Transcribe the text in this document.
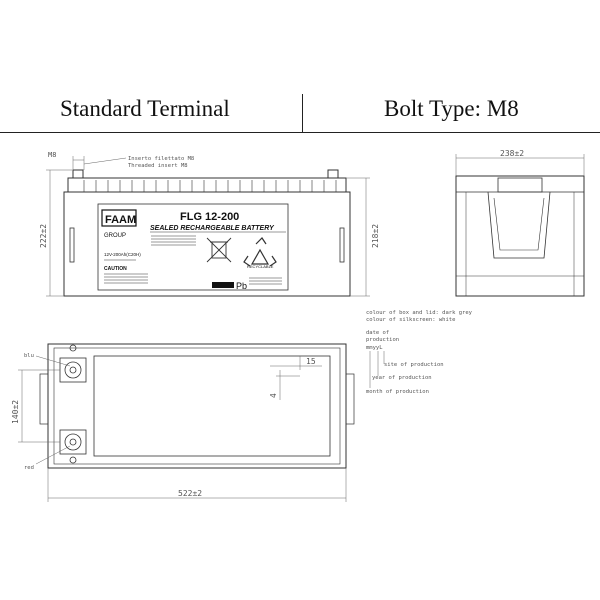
Standard Terminal	Bolt Type: M8
FAAM
GROUP
FLG 12-200
SEALED RECHARGEABLE BATTERY
12V-200Ah(C20H)
CAUTION	RECYCLABLE
Pb
M8	Inserto filettato M8
Threaded insert M8
222±2	218±2
238±2
blu
red
15
4
140±2
522±2
colour of box and lid: dark grey
colour of silkscreen: white
date of
production
mmyyL
site of production
year of production
month of production
